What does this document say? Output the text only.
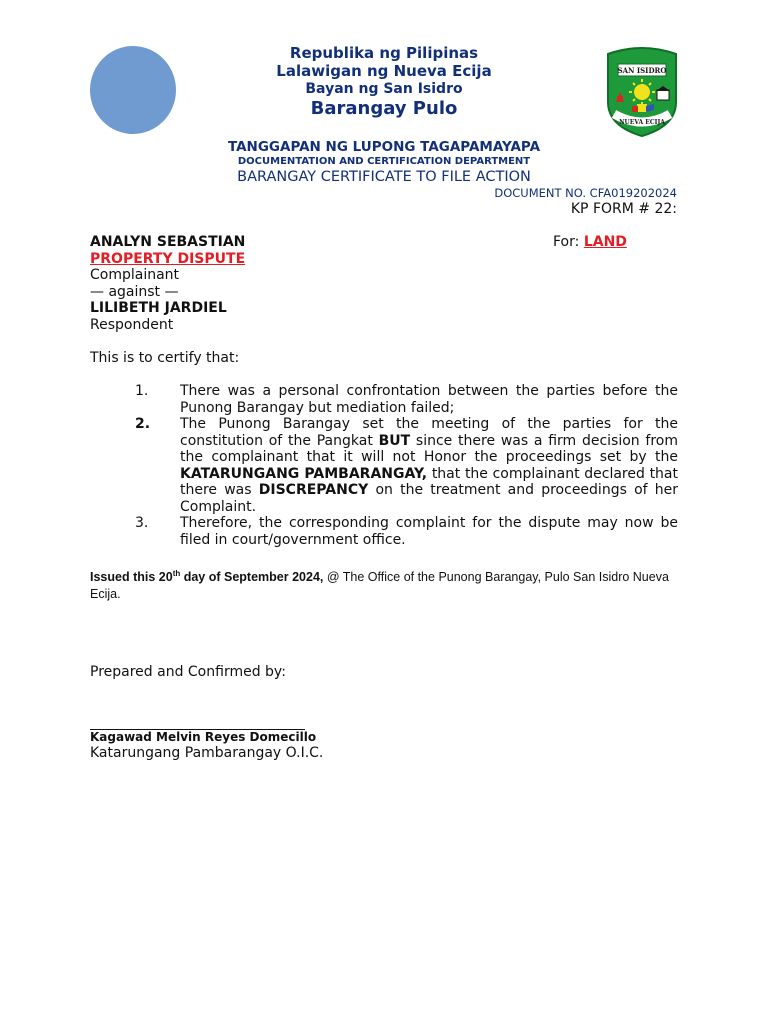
SAN ISIDRO
NUEVA ECIJA
Republika ng Pilipinas
Lalawigan ng Nueva Ecija
Bayan ng San Isidro
Barangay Pulo
TANGGAPAN NG LUPONG TAGAPAMAYAPA
DOCUMENTATION AND CERTIFICATION DEPARTMENT
BARANGAY CERTIFICATE TO FILE ACTION
DOCUMENT NO. CFA019202024
KP FORM # 22:
ANALYN SEBASTIAN
PROPERTY DISPUTE
Complainant
— against —
LILIBETH JARDIEL
Respondent
For: LAND
This is to certify that:
1. There was a personal confrontation between the parties before the Punong Barangay but mediation failed;
2. The Punong Barangay set the meeting of the parties for the constitution of the Pangkat BUT since there was a firm decision from the complainant that it will not Honor the proceedings set by the KATARUNGANG PAMBARANGAY, that the complainant declared that there was DISCREPANCY on the treatment and proceedings of her Complaint.
3. Therefore, the corresponding complaint for the dispute may now be filed in court/government office.
Issued this 20th day of September 2024, @ The Office of the Punong Barangay, Pulo San Isidro Nueva Ecija.
Prepared and Confirmed by:
Kagawad Melvin Reyes Domecillo
Katarungang Pambarangay O.I.C.
